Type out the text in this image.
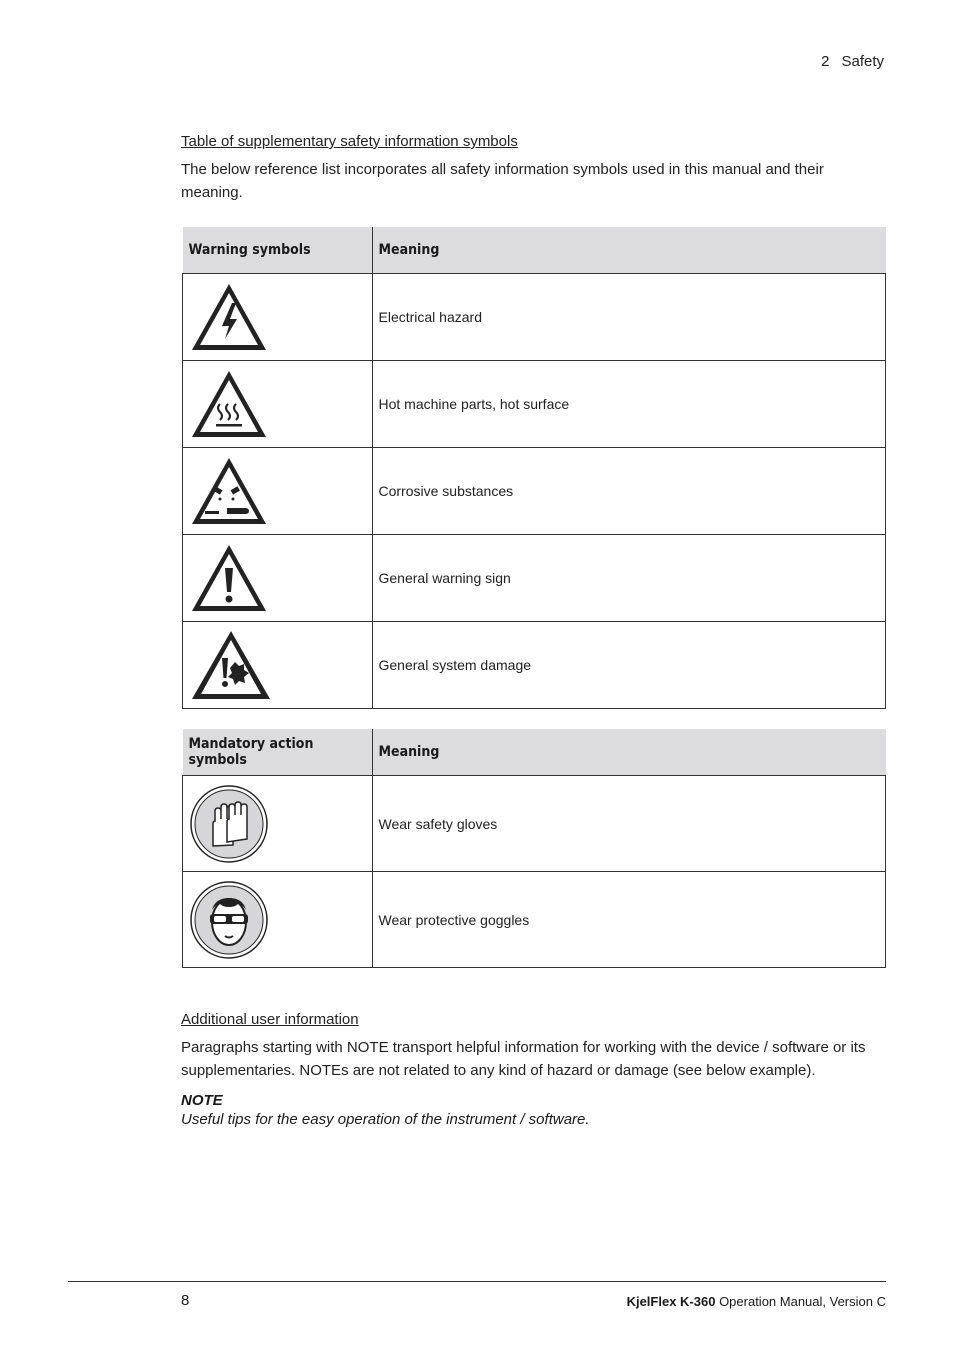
2 Safety

Table of supplementary safety information symbols

The below reference list incorporates all safety information symbols used in this manual and their meaning.

Warning symbols	Meaning

	Electrical hazard

	Hot machine parts, hot surface

	Corrosive substances

	General warning sign

	General system damage
Mandatory action symbols	Meaning

	Wear safety gloves

	Wear protective goggles

Additional user information

Paragraphs starting with NOTE transport helpful information for working with the device / software or its supplementaries. NOTEs are not related to any kind of hazard or damage (see below example).

NOTE

Useful tips for the easy operation of the instrument / software.

8	KjelFlex K-360 Operation Manual, Version C
